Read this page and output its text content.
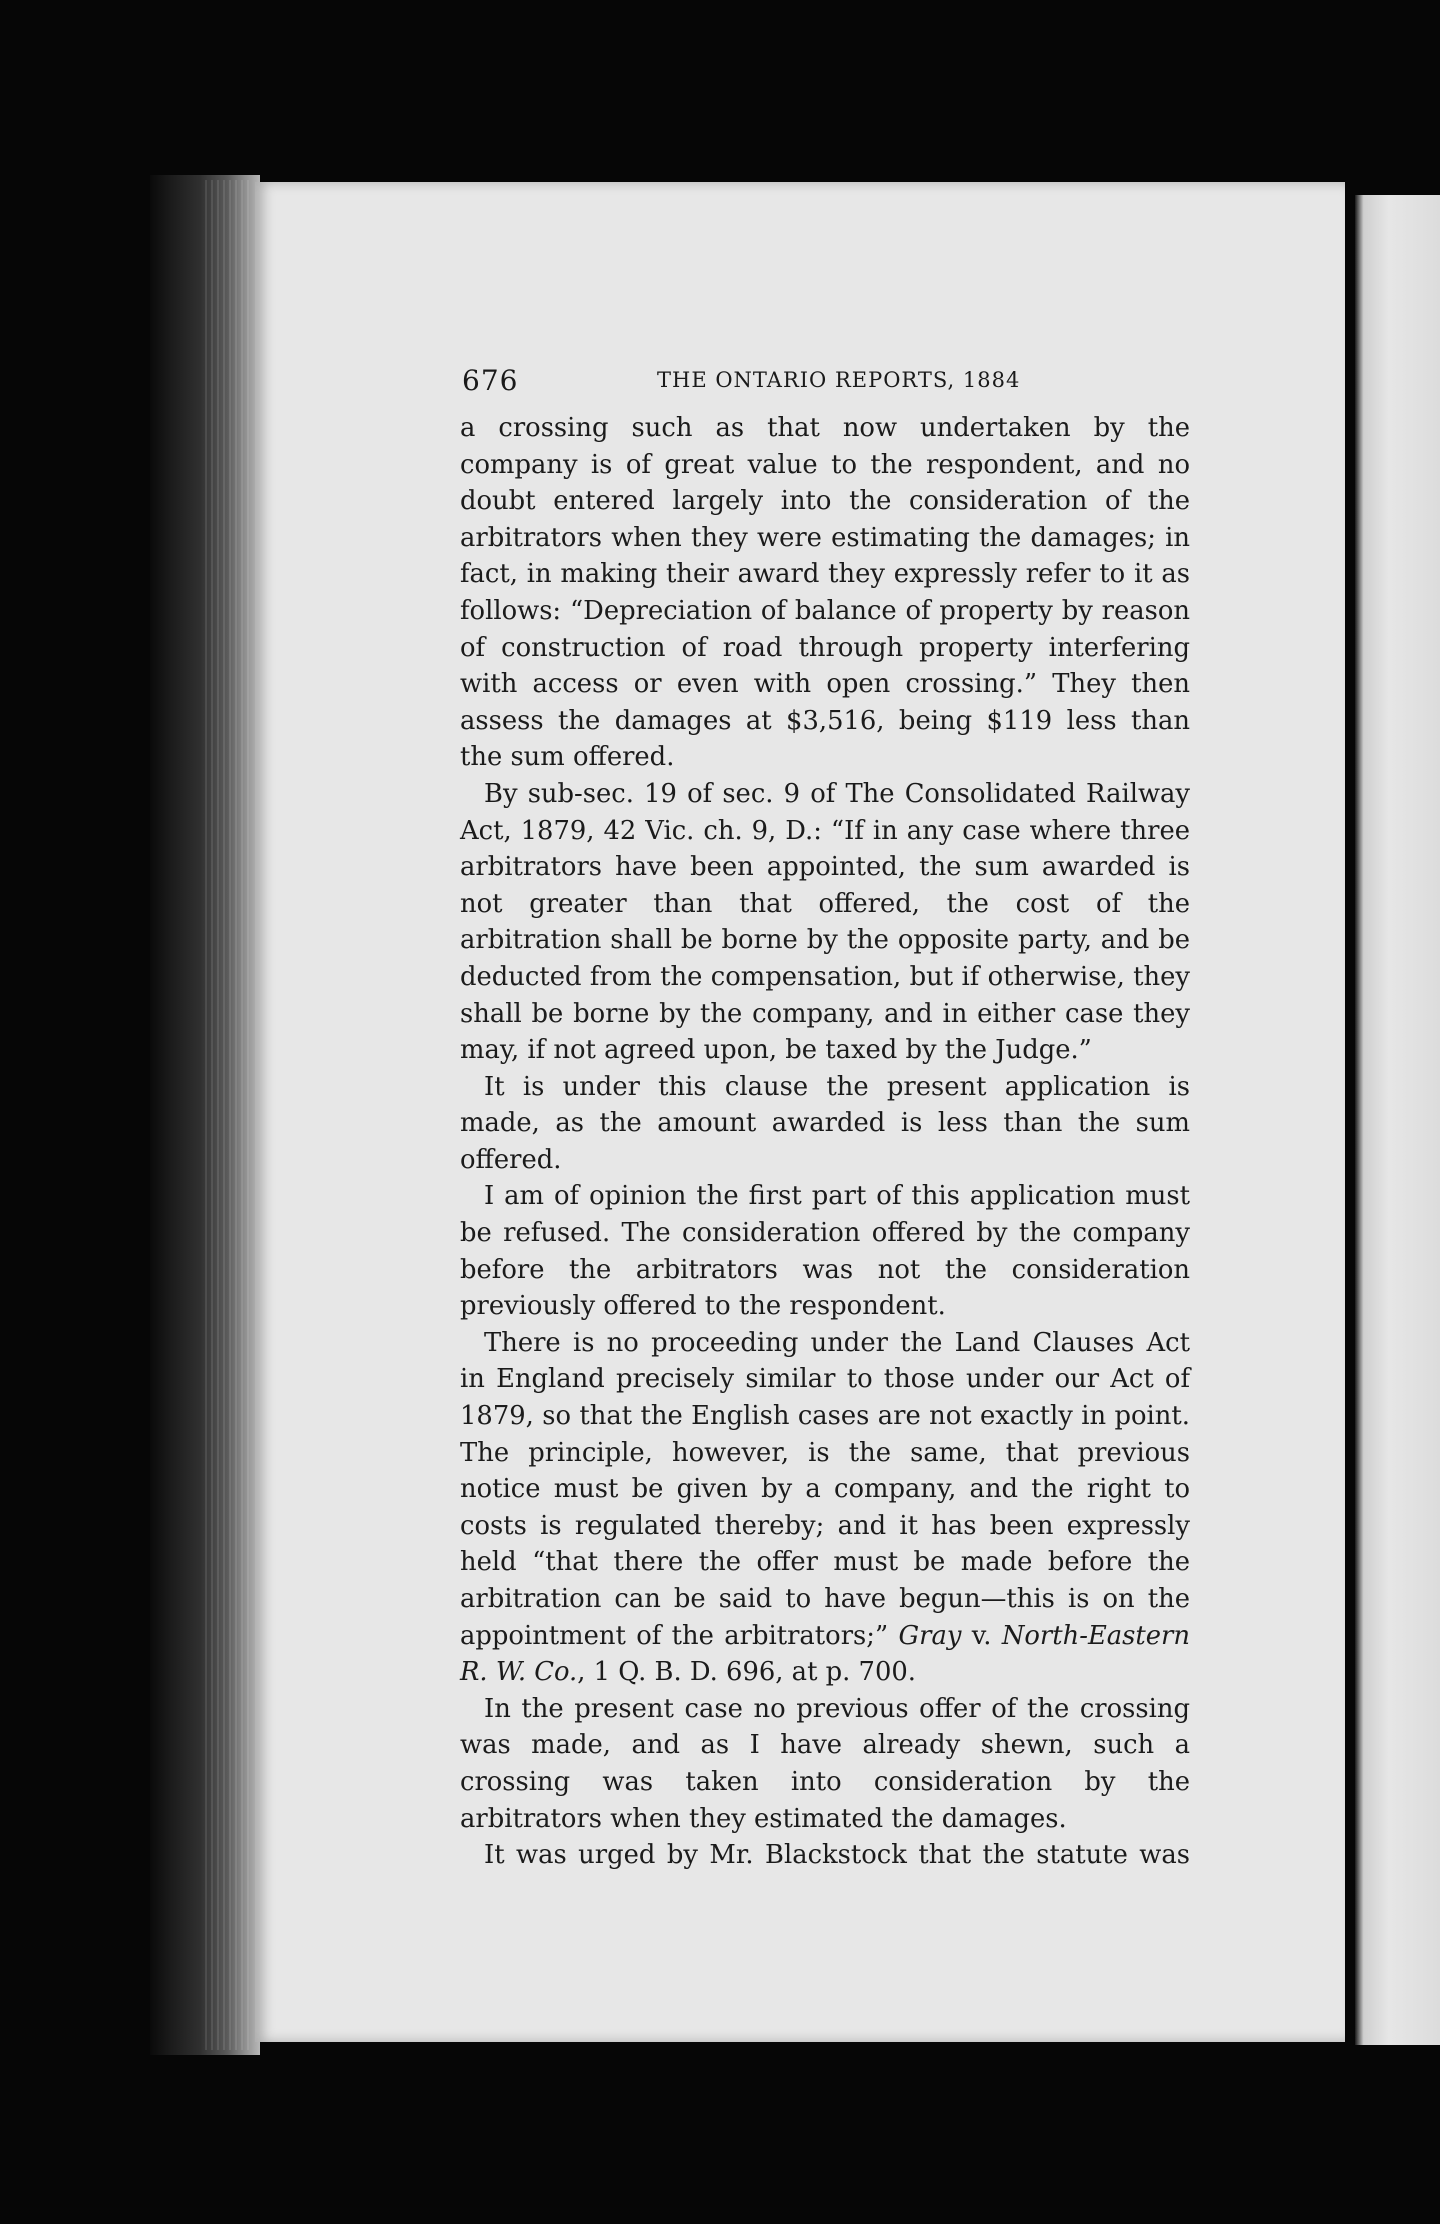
676	THE ONTARIO REPORTS, 1884

a crossing such as that now undertaken by the company is of great value to the respondent, and no doubt entered largely into the consideration of the arbitrators when they were estimating the damages; in fact, in making their award they expressly refer to it as follows: “Depreciation of balance of property by reason of construction of road through property interfering with access or even with open crossing.” They then assess the damages at $3,516, being $119 less than the sum offered.

By sub-sec. 19 of sec. 9 of The Consolidated Railway Act, 1879, 42 Vic. ch. 9, D.: “If in any case where three arbitrators have been appointed, the sum awarded is not greater than that offered, the cost of the arbitration shall be borne by the opposite party, and be deducted from the compensation, but if otherwise, they shall be borne by the company, and in either case they may, if not agreed upon, be taxed by the Judge.”

It is under this clause the present application is made, as the amount awarded is less than the sum offered.

I am of opinion the first part of this application must be refused. The consideration offered by the company before the arbitrators was not the consideration previously offered to the respondent.

There is no proceeding under the Land Clauses Act in England precisely similar to those under our Act of 1879, so that the English cases are not exactly in point. The principle, however, is the same, that previous notice must be given by a company, and the right to costs is regulated thereby; and it has been expressly held “that there the offer must be made before the arbitration can be said to have begun—this is on the appointment of the arbitrators;” Gray v. North-Eastern R. W. Co., 1 Q. B. D. 696, at p. 700.

In the present case no previous offer of the crossing was made, and as I have already shewn, such a crossing was taken into consideration by the arbitrators when they estimated the damages.

It was urged by Mr. Blackstock that the statute was
